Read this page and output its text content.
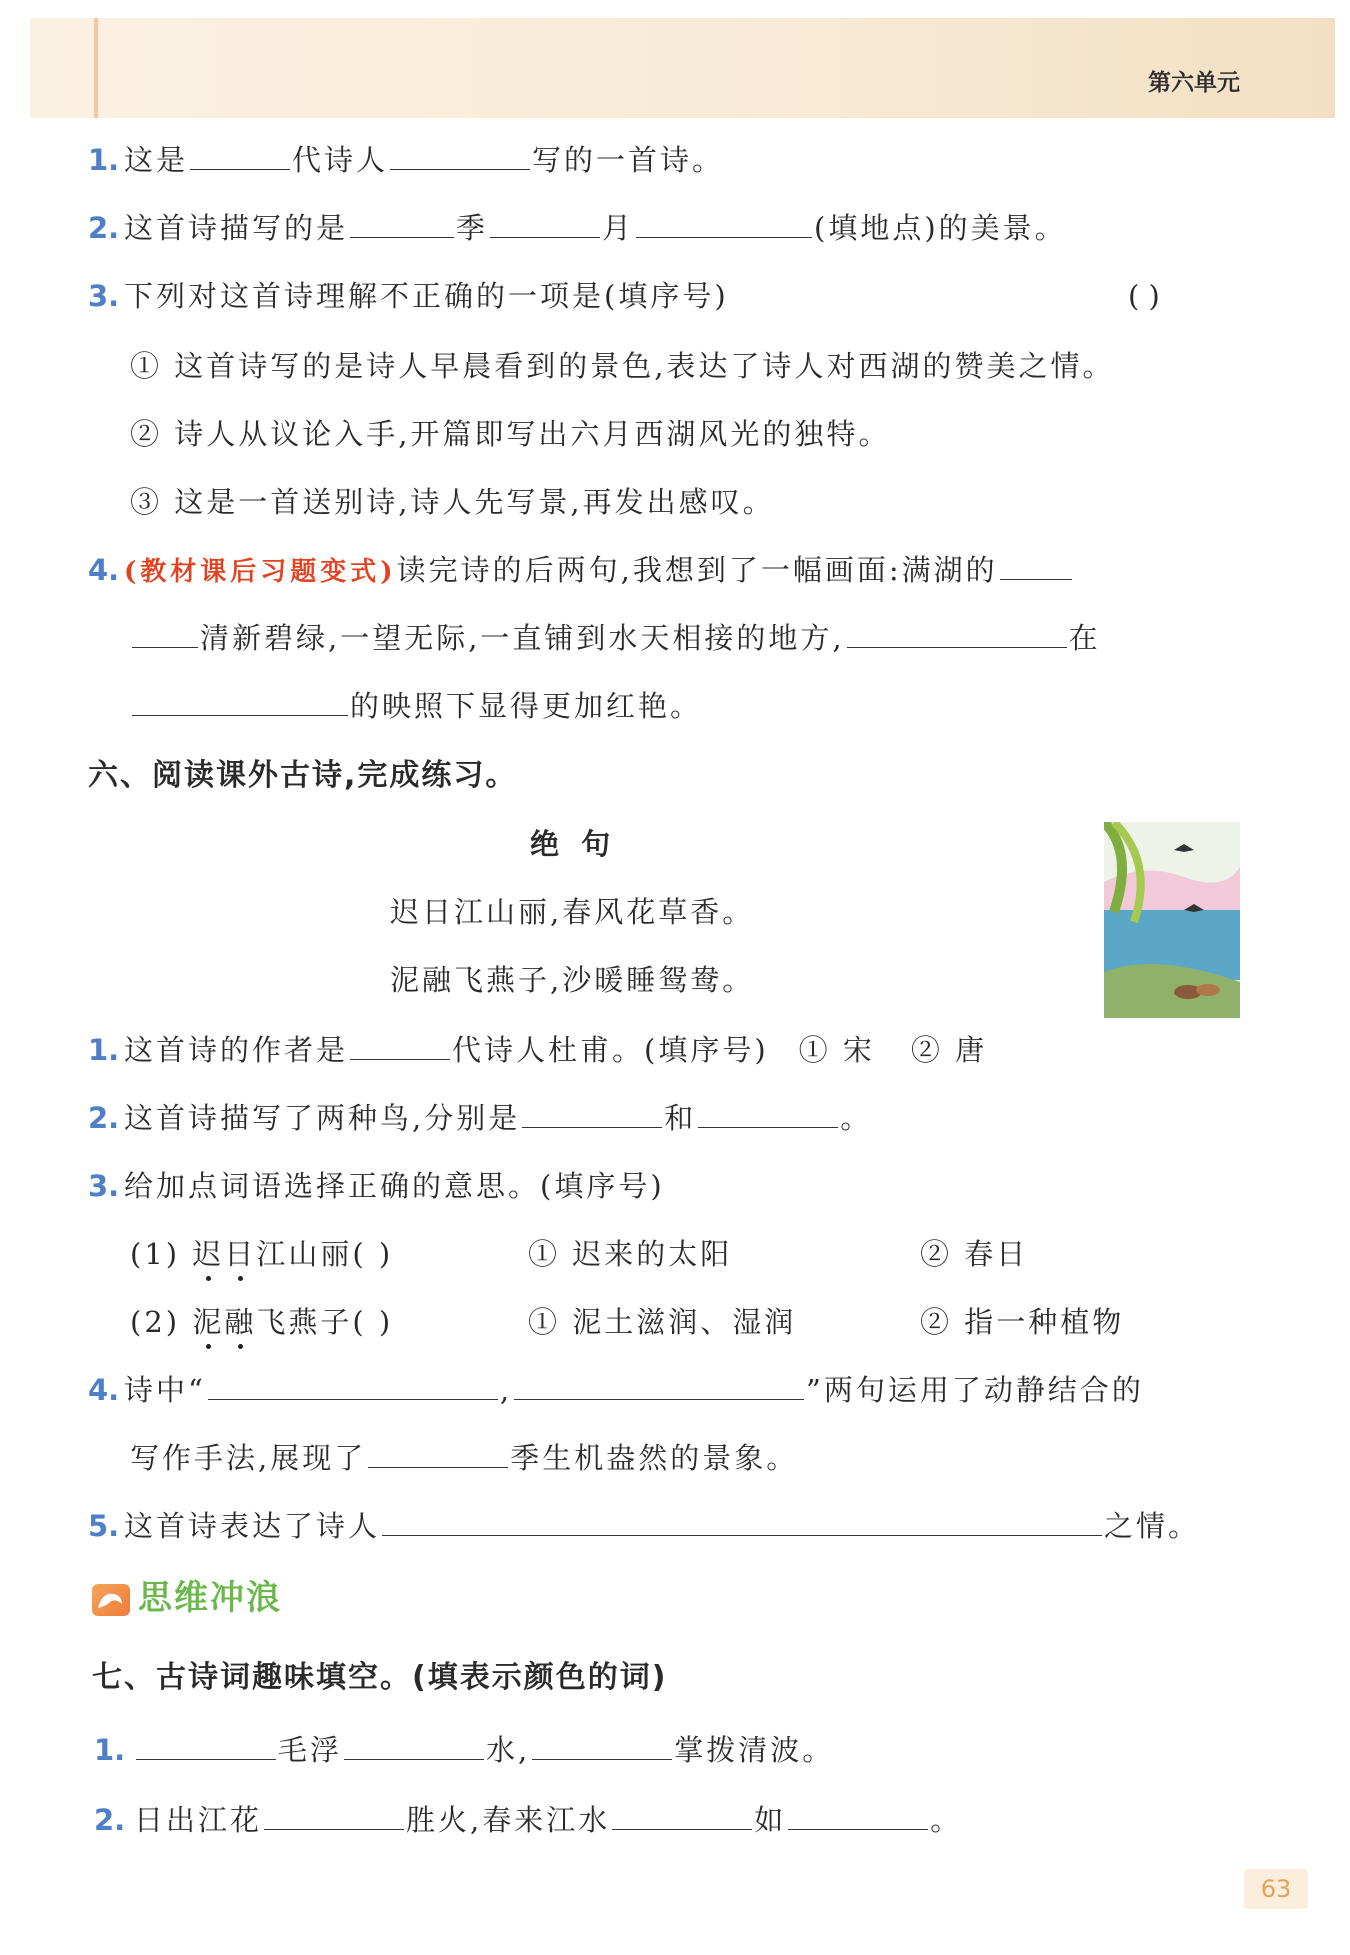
第六单元
1. 这是	代诗人	写的一首诗。
2. 这首诗描写的是	季	月	(填地点)的美景。
3. 下列对这首诗理解不正确的一项是(填序号)	( )
① 这首诗写的是诗人早晨看到的景色,表达了诗人对西湖的赞美之情。
② 诗人从议论入手,开篇即写出六月西湖风光的独特。
③ 这是一首送别诗,诗人先写景,再发出感叹。
4. (教材课后习题变式)读完诗的后两句,我想到了一幅画面:满湖的
清新碧绿,一望无际,一直铺到水天相接的地方,	在
的映照下显得更加红艳。
六、阅读课外古诗,完成练习。
绝 句
迟日江山丽,春风花草香。
泥融飞燕子,沙暖睡鸳鸯。
1. 这首诗的作者是	代诗人杜甫。(填序号) ① 宋 ② 唐
2. 这首诗描写了两种鸟,分别是	和	。
3. 给加点词语选择正确的意思。(填序号)
(1) 迟日江山丽( )	① 迟来的太阳	② 春日
(2) 泥融飞燕子( )	① 泥土滋润、湿润	② 指一种植物
4. 诗中“	,	”两句运用了动静结合的
写作手法,展现了	季生机盎然的景象。
5. 这首诗表达了诗人	之情。
思维冲浪
七、古诗词趣味填空。(填表示颜色的词)
1.	毛浮	水,	掌拨清波。
2. 日出江花	胜火,春来江水	如	。
63
